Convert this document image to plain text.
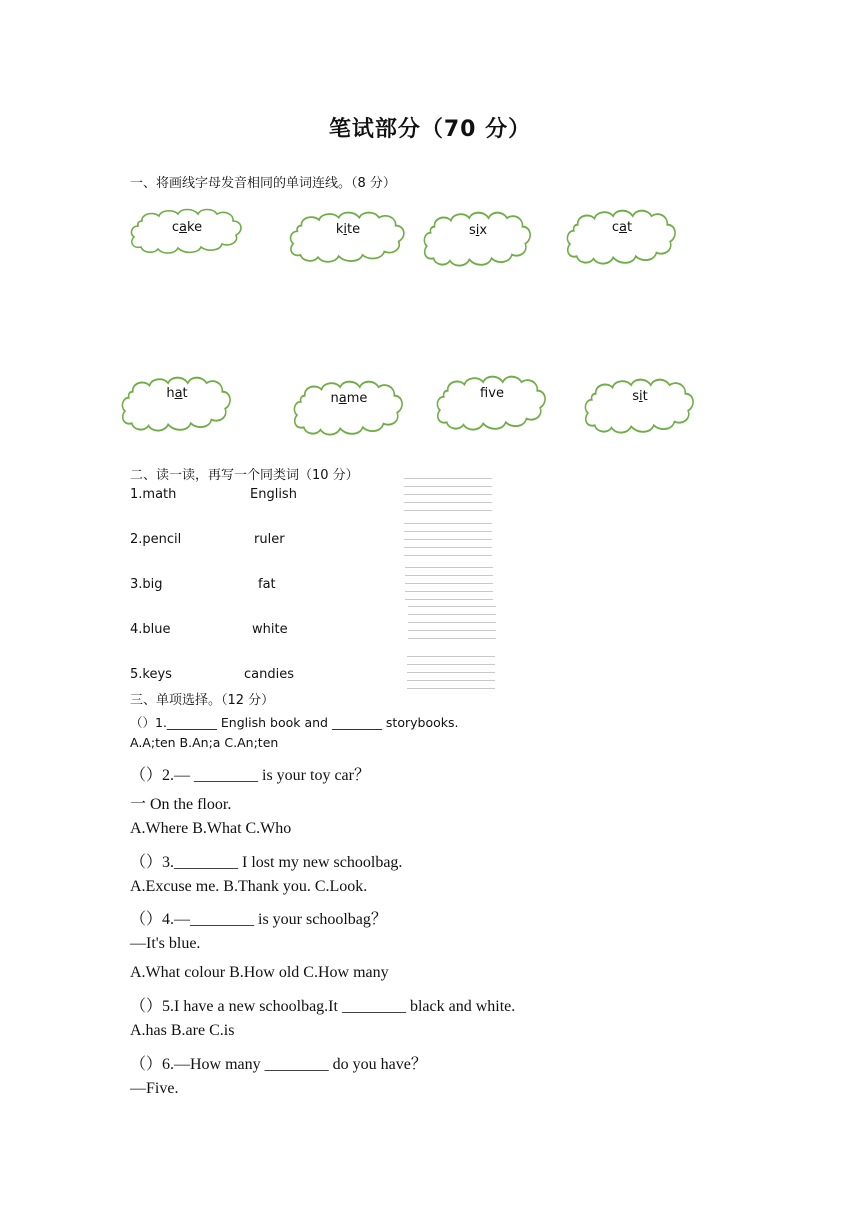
笔试部分（70 分）
一、将画线字母发音相同的单词连线。（8 分）
cake	kite	six	cat
hat	name	fve	sit
二、读一读，再写一个同类词（10 分）
1.math	English
2.pencil	ruler
3.big	fat
4.blue	white
5.keys	candies
三、单项选择。（12 分）
（）1.________ English book and ________ storybooks.
A.A;ten B.An;a C.An;ten
（）2.— ________ is your toy car？
一 On the floor.
A.Where B.What C.Who
（）3.________ I lost my new schoolbag.
A.Excuse me. B.Thank you. C.Look.
（）4.—________ is your schoolbag？
—It's blue.
A.What colour B.How old C.How many
（）5.I have a new schoolbag.It ________ black and white.
A.has B.are C.is
（）6.—How many ________ do you have？
—Five.
